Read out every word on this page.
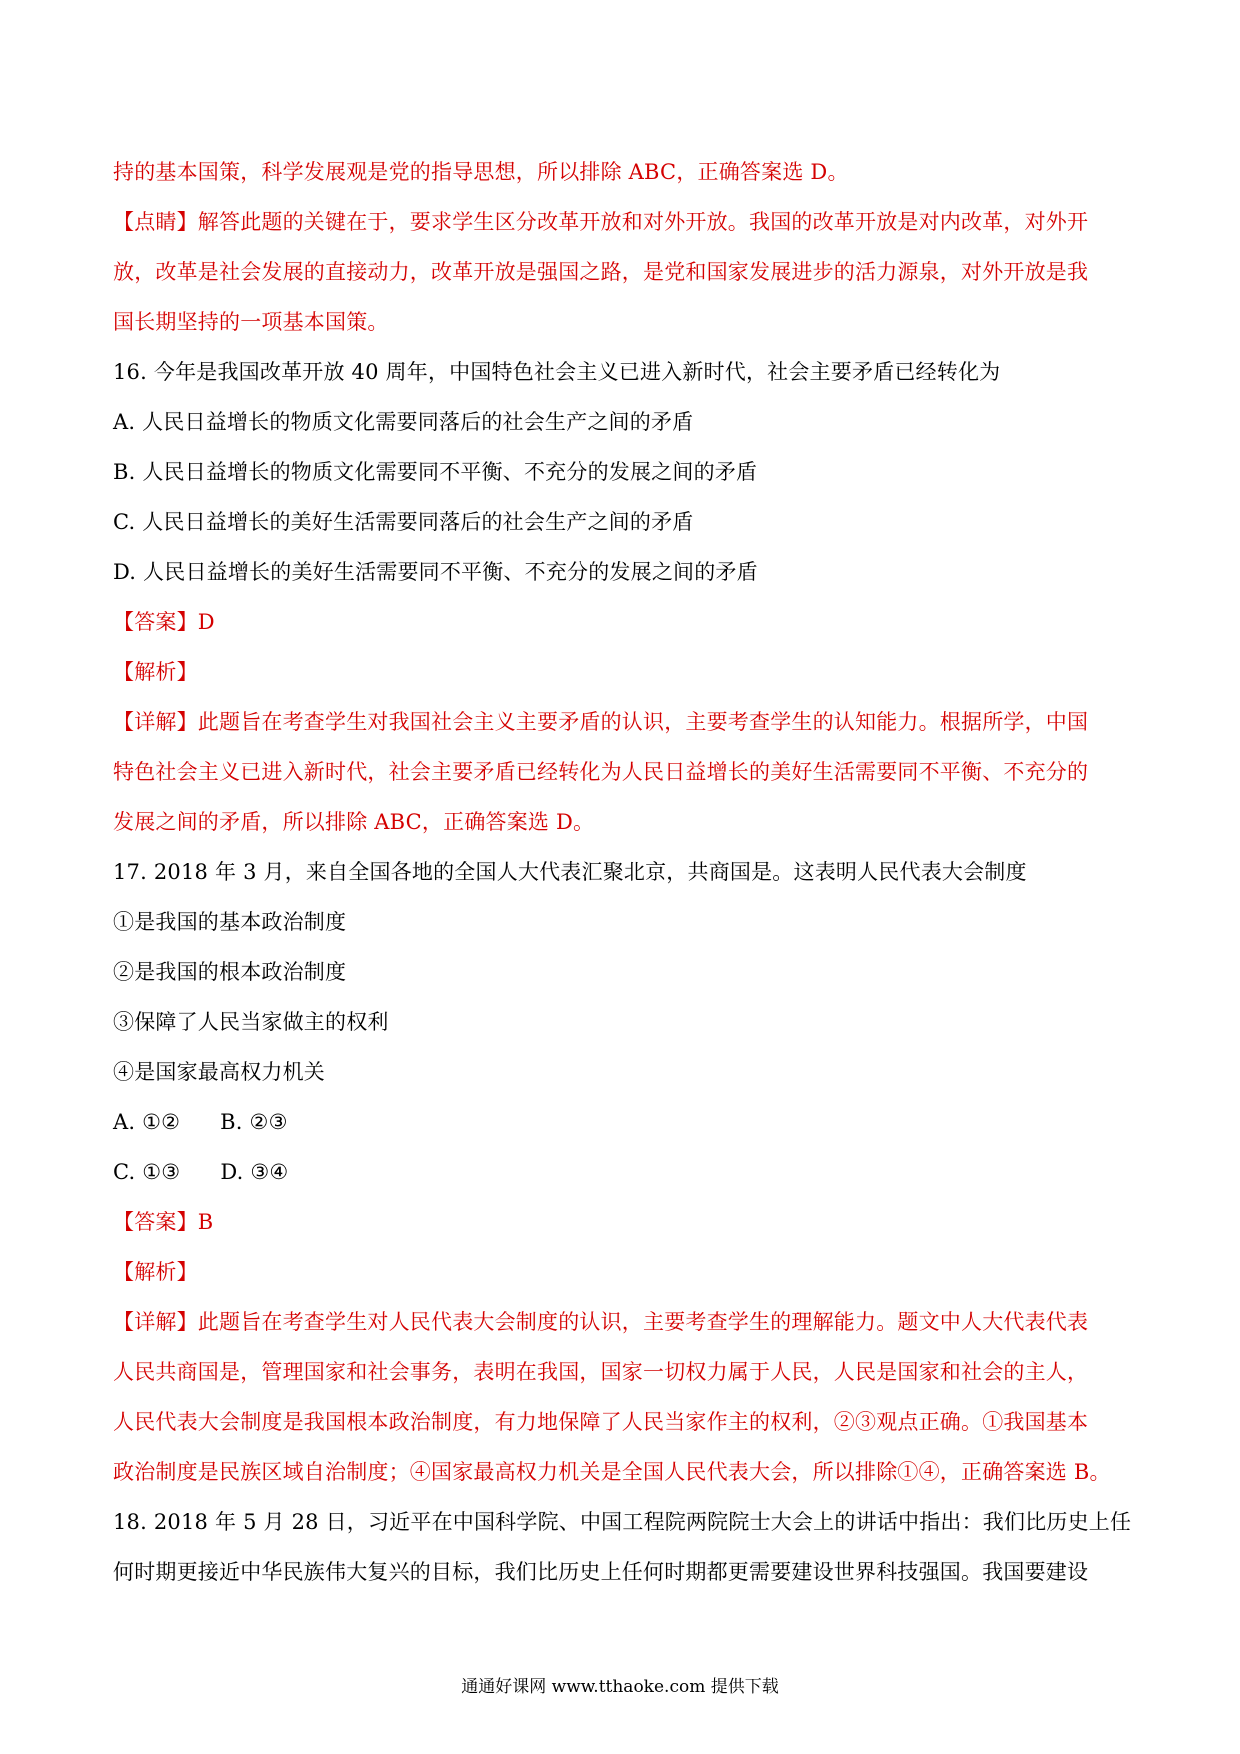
持的基本国策，科学发展观是党的指导思想，所以排除 ABC，正确答案选 D。
【点睛】解答此题的关键在于，要求学生区分改革开放和对外开放。我国的改革开放是对内改革，对外开
放，改革是社会发展的直接动力，改革开放是强国之路，是党和国家发展进步的活力源泉，对外开放是我
国长期坚持的一项基本国策。
16. 今年是我国改革开放 40 周年，中国特色社会主义已进入新时代，社会主要矛盾已经转化为
A. 人民日益增长的物质文化需要同落后的社会生产之间的矛盾
B. 人民日益增长的物质文化需要同不平衡、不充分的发展之间的矛盾
C. 人民日益增长的美好生活需要同落后的社会生产之间的矛盾
D. 人民日益增长的美好生活需要同不平衡、不充分的发展之间的矛盾
【答案】D
【解析】
【详解】此题旨在考查学生对我国社会主义主要矛盾的认识，主要考查学生的认知能力。根据所学，中国
特色社会主义已进入新时代，社会主要矛盾已经转化为人民日益增长的美好生活需要同不平衡、不充分的
发展之间的矛盾，所以排除 ABC，正确答案选 D。
17. 2018 年 3 月，来自全国各地的全国人大代表汇聚北京，共商国是。这表明人民代表大会制度
①是我国的基本政治制度
②是我国的根本政治制度
③保障了人民当家做主的权利
④是国家最高权力机关
A. ①② B. ②③
C. ①③ D. ③④
【答案】B
【解析】
【详解】此题旨在考查学生对人民代表大会制度的认识，主要考查学生的理解能力。题文中人大代表代表
人民共商国是，管理国家和社会事务，表明在我国，国家一切权力属于人民，人民是国家和社会的主人，
人民代表大会制度是我国根本政治制度，有力地保障了人民当家作主的权利，②③观点正确。①我国基本
政治制度是民族区域自治制度；④国家最高权力机关是全国人民代表大会，所以排除①④，正确答案选 B。
18. 2018 年 5 月 28 日，习近平在中国科学院、中国工程院两院院士大会上的讲话中指出：我们比历史上任
何时期更接近中华民族伟大复兴的目标，我们比历史上任何时期都更需要建设世界科技强国。我国要建设
通通好课网 www.tthaoke.com 提供下载
